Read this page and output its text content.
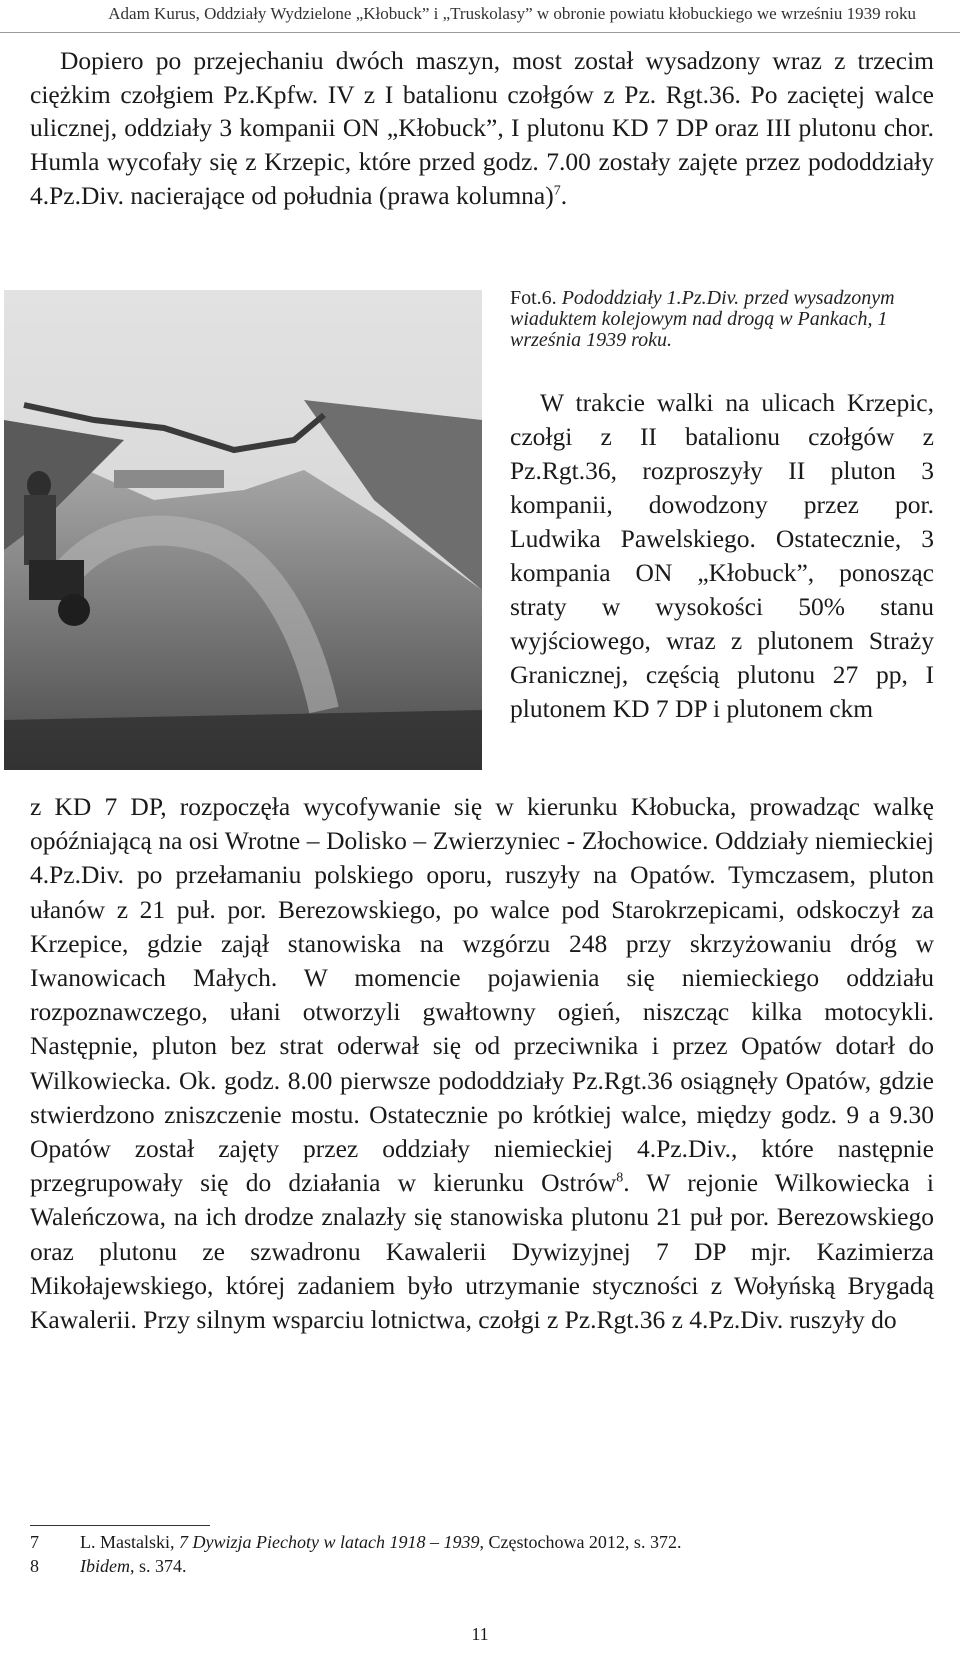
Adam Kurus, Oddziały Wydzielone „Kłobuck” i „Truskolasy” w obronie powiatu kłobuckiego we wrześniu 1939 roku

Dopiero po przejechaniu dwóch maszyn, most został wysadzony wraz z trzecim ciężkim czołgiem Pz.Kpfw. IV z I batalionu czołgów z Pz. Rgt.36. Po zaciętej walce ulicznej, oddziały 3 kompanii ON „Kłobuck”, I plutonu KD 7 DP oraz III plutonu chor. Humla wycofały się z Krzepic, które przed godz. 7.00 zostały zajęte przez pododdziały 4.Pz.Div. nacierające od południa (prawa kolumna)$^7$.

Fot.6. Pododdziały 1.Pz.Div. przed wysadzonym wiaduktem kolejowym nad drogą w Pankach, 1 września 1939 roku.

W trakcie walki na ulicach Krzepic, czołgi z II batalionu czołgów z Pz.Rgt.36, rozproszyły II pluton 3 kompanii, dowodzony przez por. Ludwika Pawelskiego. Ostatecznie, 3 kompania ON „Kłobuck”, ponosząc straty w wysokości 50% stanu wyjściowego, wraz z plutonem Straży Granicznej, częścią plutonu 27 pp, I plutonem KD 7 DP i plutonem ckm

z KD 7 DP, rozpoczęła wycofywanie się w kierunku Kłobucka, prowadząc walkę opóźniającą na osi Wrotne – Dolisko – Zwierzyniec - Złochowice. Oddziały niemieckiej 4.Pz.Div. po przełamaniu polskiego oporu, ruszyły na Opatów. Tymczasem, pluton ułanów z 21 puł. por. Berezowskiego, po walce pod Starokrzepicami, odskoczył za Krzepice, gdzie zajął stanowiska na wzgórzu 248 przy skrzyżowaniu dróg w Iwanowicach Małych. W momencie pojawienia się niemieckiego oddziału rozpoznawczego, ułani otworzyli gwałtowny ogień, niszcząc kilka motocykli. Następnie, pluton bez strat oderwał się od przeciwnika i przez Opatów dotarł do Wilkowiecka. Ok. godz. 8.00 pierwsze pododdziały Pz.Rgt.36 osiągnęły Opatów, gdzie stwierdzono zniszczenie mostu. Ostatecznie po krótkiej walce, między godz. 9 a 9.30 Opatów został zajęty przez oddziały niemieckiej 4.Pz.Div., które następnie przegrupowały się do działania w kierunku Ostrów$^8$. W rejonie Wilkowiecka i Waleńczowa, na ich drodze znalazły się stanowiska plutonu 21 puł por. Berezowskiego oraz plutonu ze szwadronu Kawalerii Dywizyjnej 7 DP mjr. Kazimierza Mikołajewskiego, której zadaniem było utrzymanie styczności z Wołyńską Brygadą Kawalerii. Przy silnym wsparciu lotnictwa, czołgi z Pz.Rgt.36 z 4.Pz.Div. ruszyły do

7	L. Mastalski, 7 Dywizja Piechoty w latach 1918 – 1939, Częstochowa 2012, s. 372.
8	Ibidem, s. 374.
11
